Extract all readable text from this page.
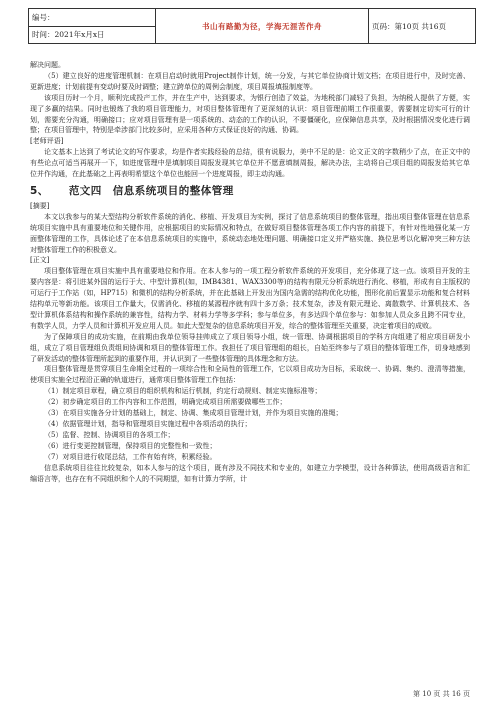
编号：	书山有路勤为径，学海无涯苦作舟	页码：第10页 共16页
时间：2021年x月x日

解决问题。

（5）建立良好的进度管理机制：在项目启动时就用Project制作计划，统一分发，与其它单位协商计划文档；在项目进行中，及时完善、更新进度；计划前提有变动时要及时调整；建立跨单位的周例会制度，项目周报填报制度等。

该项目历时一个月，顺利完成投产工作，并在生产中，达到要求，为银行创造了效益，为地税部门减轻了负担，为纳税人提供了方便，实现了多赢的结果。同时也锻炼了我的项目管理能力，对项目整体管理有了更深刻的认识：项目管理前期工作很重要，需要制定切实可行的计划，需要充分沟通，明确接口；应对项目管理有是一项系统的、动态的工作的认识，不要僵硬化，应保障信息共享，及时根据情况变化进行调整；在项目管理中，特别是牵涉部门比较多时，应采用各种方式保证良好的沟通、协调。

[老师评语]

论文基本上达到了考试论文的写作要求，均是作者实践经验的总结，很有说服力，美中不足的是：论文正文的字数稍少了点，在正文中的有些论点可适当再展开一下，如进度管理中是填制项目周报发现其它单位并不愿意填制周报，解决办法，主动将自己项目组的周报发给其它单位并作沟通，在此基础之上再表明希望这个单位也能回一个进度周报，即主动沟通。

5、 范文四　信息系统项目的整体管理

[摘要]

本文以我参与的某大型结构分析软件系统的消化、移植、开发项目为实例，探讨了信息系统项目的整体管理，指出项目整体管理在信息系统项目实施中具有重要地位和关键作用，应根据项目的实际情况和特点，在做好项目整体管理各项工作内容的前提下，有针对性地强化某一方面整体管理的工作，具体论述了在本信息系统项目的实施中，系统动态地处理问题、明确接口定义并严格实施、换位思考以化解冲突三种方法对整体管理工作的积极意义。

[正文]

项目整体管理在项目实施中具有重要地位和作用。在本人参与的一项工程分析软件系统的开发项目，充分体现了这一点。该项目开发的主要内容是：将引进某外国的运行于大、中型计算机(如，IMB4381、WAX3300等)的结构有限元分析系统进行消化、移植，形成有自主版权的可运行于工作站（如，HP715）和微机的结构分析系统，并在此基础上开发出为国内急需的结构优化功能，图形化前后置显示功能和复合材料结构单元等新功能。该项目工作量大，仅需消化、移植的某源程序就有四十多万条；技术复杂，涉及有限元理论、离散数学、计算机技术、各型计算机体系结构和操作系统的兼容性，结构力学、材料力学等多学科；参与单位多，有多达四个单位参与：如参加人员众多且跨不同专业，有数学人员，力学人员和计算机开发应用人员。如此大型复杂的信息系统项目开发，综合的整体管理至关重要，决定着项目的成败。

为了保障项目的成功实施，在前期由我单位领导挂帅成立了项目领导小组，统一管理、协调根据项目的学科方向组建了相应项目研发小组，成立了项目管理组负责组间协调和项目的整体管理工作。我担任了项目管理组的组长，自始至终参与了项目的整体管理工作，切身地感到了研发活动的整体管理所起到的重要作用，并认识到了一些整体管理的具体理念和方法。

项目整体管理是贯穿项目生命期全过程的一项综合性和全局性的管理工作，它以项目成功为目标，采取统一、协调、集约、澄清等措施，使项目实施全过程沿正确的轨道进行，通常项目整体管理工作包括：

（1）制定项目章程，确立项目的组织机构和运行机制，约定行动规则、制定实施标准等；

（2）初步确定项目的工作内容和工作范围，明确完成项目所需要做哪些工作；

（3）在项目实施各分计划的基础上，制定、协调、集成项目管理计划，并作为项目实施的准绳；

（4）依据管理计划，指导和管理项目实施过程中各项活动的执行；

（5）监督、控制、协调项目的各项工作；

（6）进行变更控制管理，保持项目的完整性和一致性；

（7）对项目进行收尾总结，工作有始有终，积累经验。

信息系统项目往往比较复杂，如本人参与的这个项目，既有涉及不同技术和专业的，如建立力学模型，设计各种算法，使用高级语言和汇编语言等，也存在有不同组织和个人的不同期望，如有计算力学所，计

第 10 页 共 16 页
